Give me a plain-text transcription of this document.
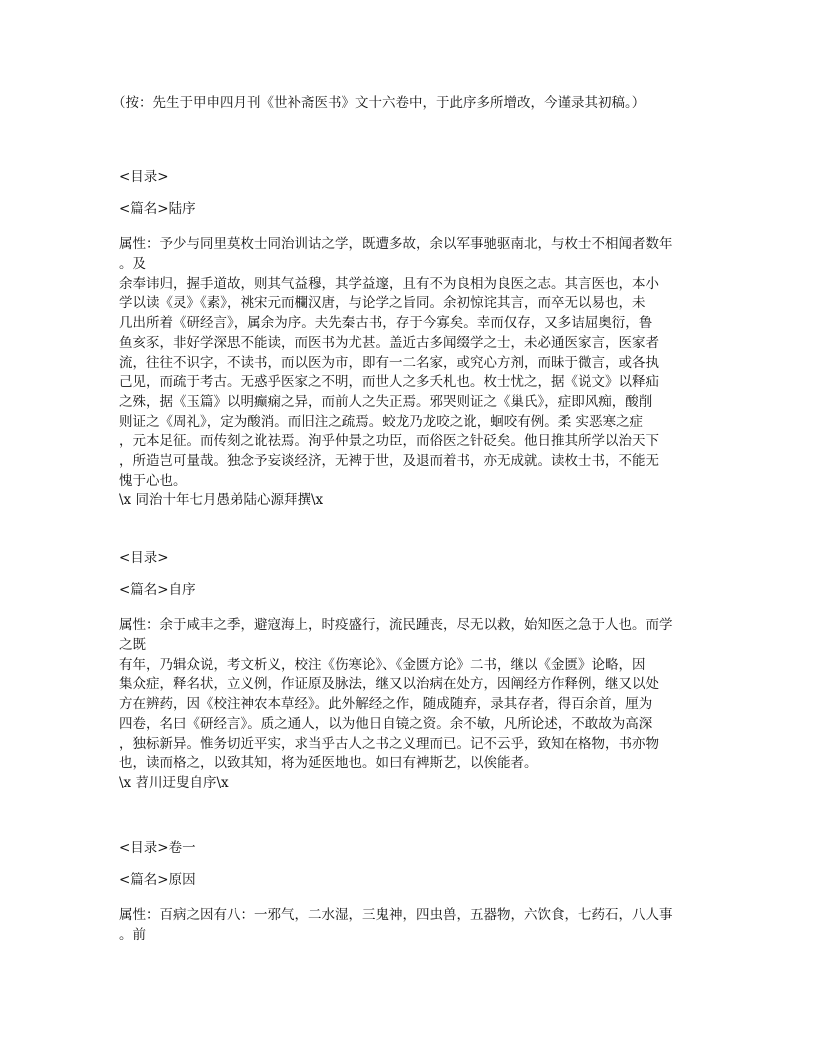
（按：先生于甲申四月刊《世补斋医书》文十六卷中，于此序多所增改，今谨录其初稿。）
<目录>
<篇名>陆序
属性：予少与同里莫枚士同治训诂之学，既遭多故，余以军事驰驱南北，与枚士不相闻者数年
。及
余奉讳归，握手道故，则其气益穆，其学益邃，且有不为良相为良医之志。其言医也，本小
学以读《灵》《素》，祧宋元而欄汉唐，与论学之旨同。余初惊诧其言，而卒无以易也，未
几出所着《研经言》，属余为序。夫先秦古书，存于今寡矣。幸而仅存，又多诘屈奥衍，鲁
鱼亥豕，非好学深思不能读，而医书为尤甚。盖近古多闻缀学之士，未必通医家言，医家者
流，往往不识字，不读书，而以医为市，即有一二名家，或究心方剂，而昧于微言，或各执
己见，而疏于考古。无惑乎医家之不明，而世人之多夭札也。枚士忧之，据《说文》以释疝
之殊，据《玉篇》以明癫痫之异，而前人之失正焉。邪哭则证之《巢氏》，症即风痴，酸削
则证之《周礼》，定为酸消。而旧注之疏焉。蛟龙乃龙咬之讹，蛔咬有例。柔 实恶寒之症
，元本足征。而传刻之讹祛焉。洵乎仲景之功臣，而俗医之针砭矣。他日推其所学以治天下
，所造岂可量哉。独念予妄谈经济，无裨于世，及退而着书，亦无成就。读枚士书，不能无
愧于心也。
\x 同治十年七月愚弟陆心源拜撰\x
<目录>
<篇名>自序
属性：余于咸丰之季，避寇海上，时疫盛行，流民踵丧，尽无以救，始知医之急于人也。而学
之既
有年，乃辑众说，考文析义，校注《伤寒论》、《金匮方论》二书，继以《金匮》论略，因
集众症，释名状，立义例，作证原及脉法，继又以治病在处方，因阐经方作释例，继又以处
方在辨药，因《校注神农本草经》。此外解经之作，随成随弃，录其存者，得百余首，厘为
四卷，名曰《研经言》。质之通人，以为他日自镜之资。余不敏，凡所论述，不敢故为高深
，独标新异。惟务切近平实，求当乎古人之书之义理而已。记不云乎，致知在格物，书亦物
也，读而格之，以致其知，将为延医地也。如曰有裨斯艺，以俟能者。
\x 苕川迂叟自序\x
<目录>卷一
<篇名>原因
属性：百病之因有八：一邪气，二水湿，三鬼神，四虫兽，五器物，六饮食，七药石，八人事
。前
